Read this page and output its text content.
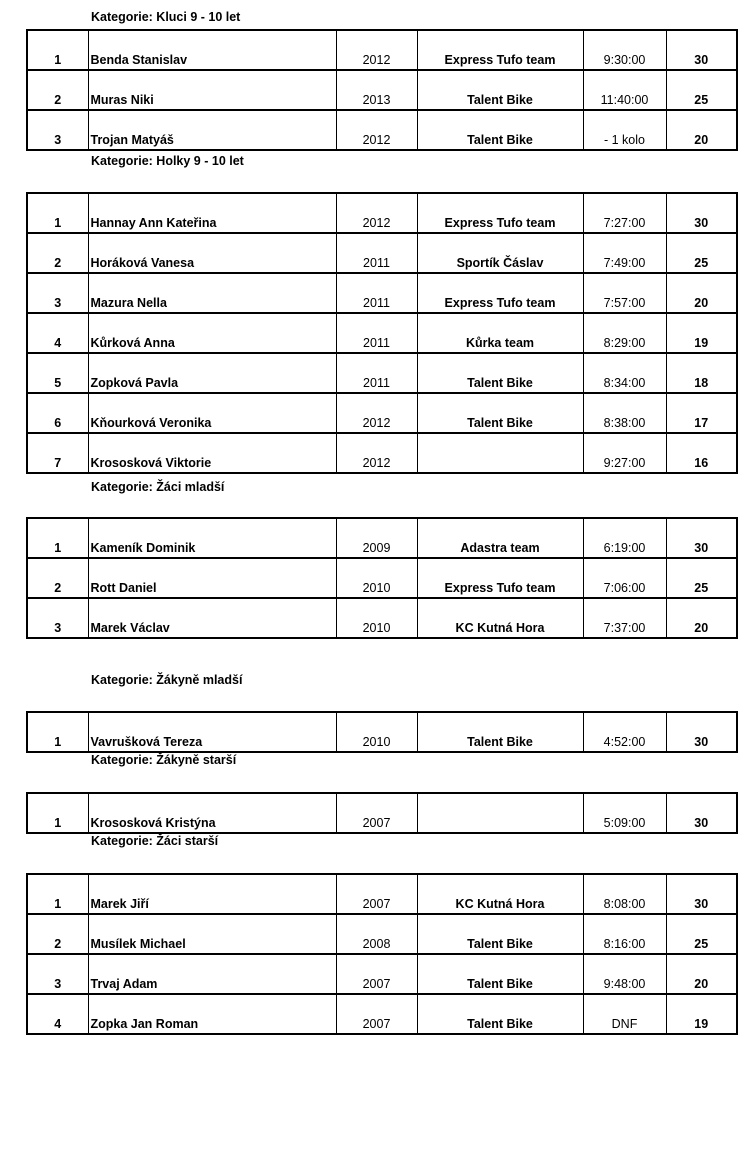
Kategorie: Kluci 9 - 10 let
1	Benda Stanislav	2012	Express Tufo team	9:30:00	30
2	Muras Niki	2013	Talent Bike	11:40:00	25
3	Trojan Matyáš	2012	Talent Bike	- 1 kolo	20
Kategorie: Holky 9 - 10 let
1	Hannay Ann Kateřina	2012	Express Tufo team	7:27:00	30
2	Horáková Vanesa	2011	Sportík Čáslav	7:49:00	25
3	Mazura Nella	2011	Express Tufo team	7:57:00	20
4	Kůrková Anna	2011	Kůrka team	8:29:00	19
5	Zopková Pavla	2011	Talent Bike	8:34:00	18
6	Kňourková Veronika	2012	Talent Bike	8:38:00	17
7	Krososková Viktorie	2012		9:27:00	16
Kategorie: Žáci mladší
1	Kameník Dominik	2009	Adastra team	6:19:00	30
2	Rott Daniel	2010	Express Tufo team	7:06:00	25
3	Marek Václav	2010	KC Kutná Hora	7:37:00	20
Kategorie: Žákyně mladší
1	Vavrušková Tereza	2010	Talent Bike	4:52:00	30
Kategorie: Žákyně starší
1	Krososková Kristýna	2007		5:09:00	30
Kategorie: Žáci starší
1	Marek Jiří	2007	KC Kutná Hora	8:08:00	30
2	Musílek Michael	2008	Talent Bike	8:16:00	25
3	Trvaj Adam	2007	Talent Bike	9:48:00	20
4	Zopka Jan Roman	2007	Talent Bike	DNF	19
